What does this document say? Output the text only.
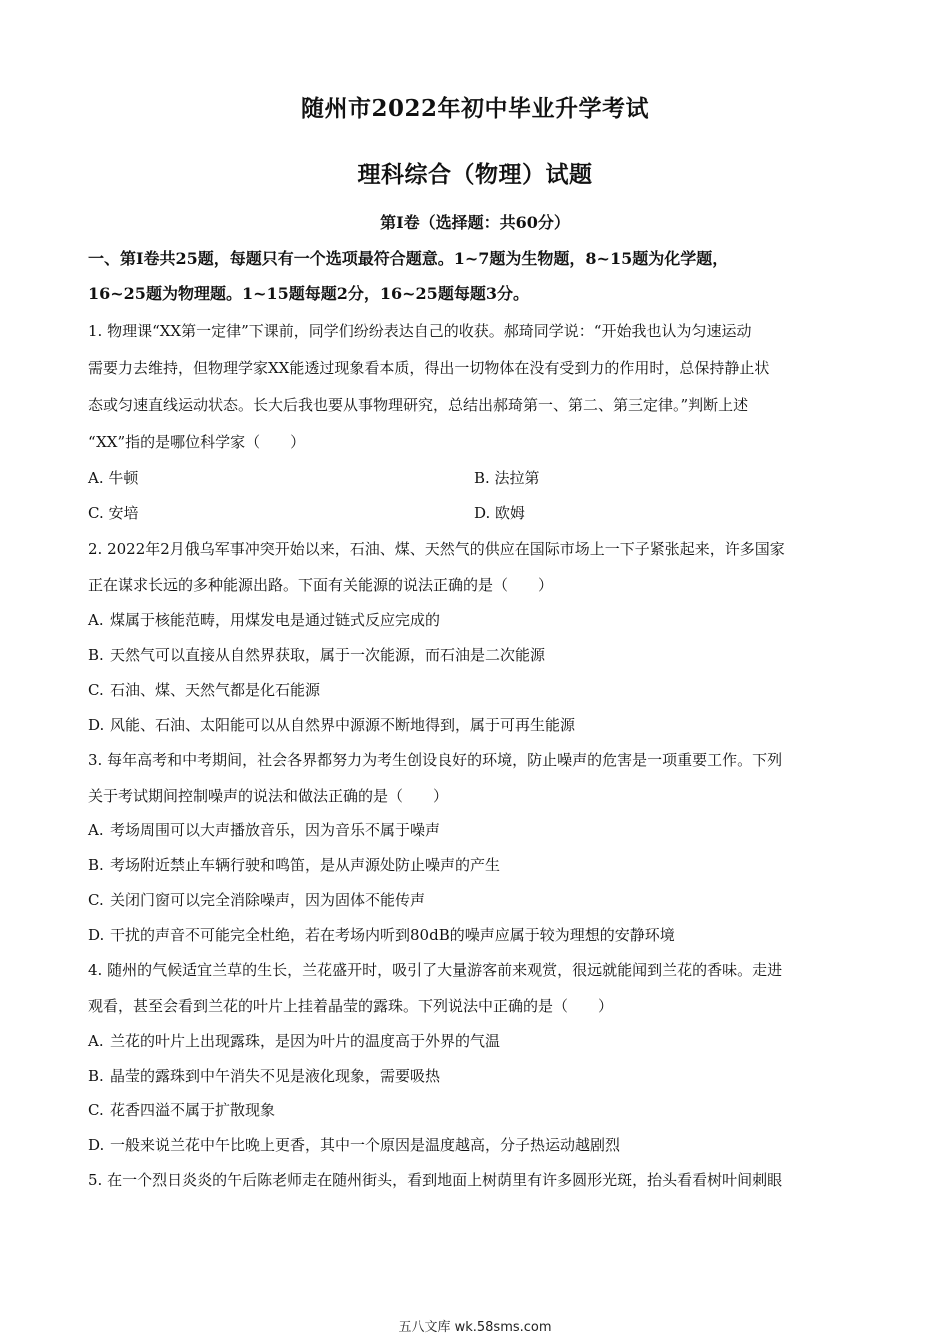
随州市2022年初中毕业升学考试
理科综合（物理）试题
第Ⅰ卷（选择题：共60分）
一、第Ⅰ卷共25题，每题只有一个选项最符合题意。1~7题为生物题，8~15题为化学题，
16~25题为物理题。1~15题每题2分，16~25题每题3分。
1. 物理课“XX第一定律”下课前，同学们纷纷表达自己的收获。郝琦同学说：“开始我也认为匀速运动
需要力去维持，但物理学家XX能透过现象看本质，得出一切物体在没有受到力的作用时，总保持静止状
态或匀速直线运动状态。长大后我也要从事物理研究，总结出郝琦第一、第二、第三定律。”判断上述
“XX”指的是哪位科学家（　　）
A. 牛顿	B. 法拉第
C. 安培	D. 欧姆
2. 2022年2月俄乌军事冲突开始以来，石油、煤、天然气的供应在国际市场上一下子紧张起来，许多国家
正在谋求长远的多种能源出路。下面有关能源的说法正确的是（　　）
A. 煤属于核能范畴，用煤发电是通过链式反应完成的
B. 天然气可以直接从自然界获取，属于一次能源，而石油是二次能源
C. 石油、煤、天然气都是化石能源
D. 风能、石油、太阳能可以从自然界中源源不断地得到，属于可再生能源
3. 每年高考和中考期间，社会各界都努力为考生创设良好的环境，防止噪声的危害是一项重要工作。下列
关于考试期间控制噪声的说法和做法正确的是（　　）
A. 考场周围可以大声播放音乐，因为音乐不属于噪声
B. 考场附近禁止车辆行驶和鸣笛，是从声源处防止噪声的产生
C. 关闭门窗可以完全消除噪声，因为固体不能传声
D. 干扰的声音不可能完全杜绝，若在考场内听到80dB的噪声应属于较为理想的安静环境
4. 随州的气候适宜兰草的生长，兰花盛开时，吸引了大量游客前来观赏，很远就能闻到兰花的香味。走进
观看，甚至会看到兰花的叶片上挂着晶莹的露珠。下列说法中正确的是（　　）
A. 兰花的叶片上出现露珠，是因为叶片的温度高于外界的气温
B. 晶莹的露珠到中午消失不见是液化现象，需要吸热
C. 花香四溢不属于扩散现象
D. 一般来说兰花中午比晚上更香，其中一个原因是温度越高，分子热运动越剧烈
5. 在一个烈日炎炎的午后陈老师走在随州街头，看到地面上树荫里有许多圆形光斑，抬头看看树叶间刺眼
五八文库 wk.58sms.com
